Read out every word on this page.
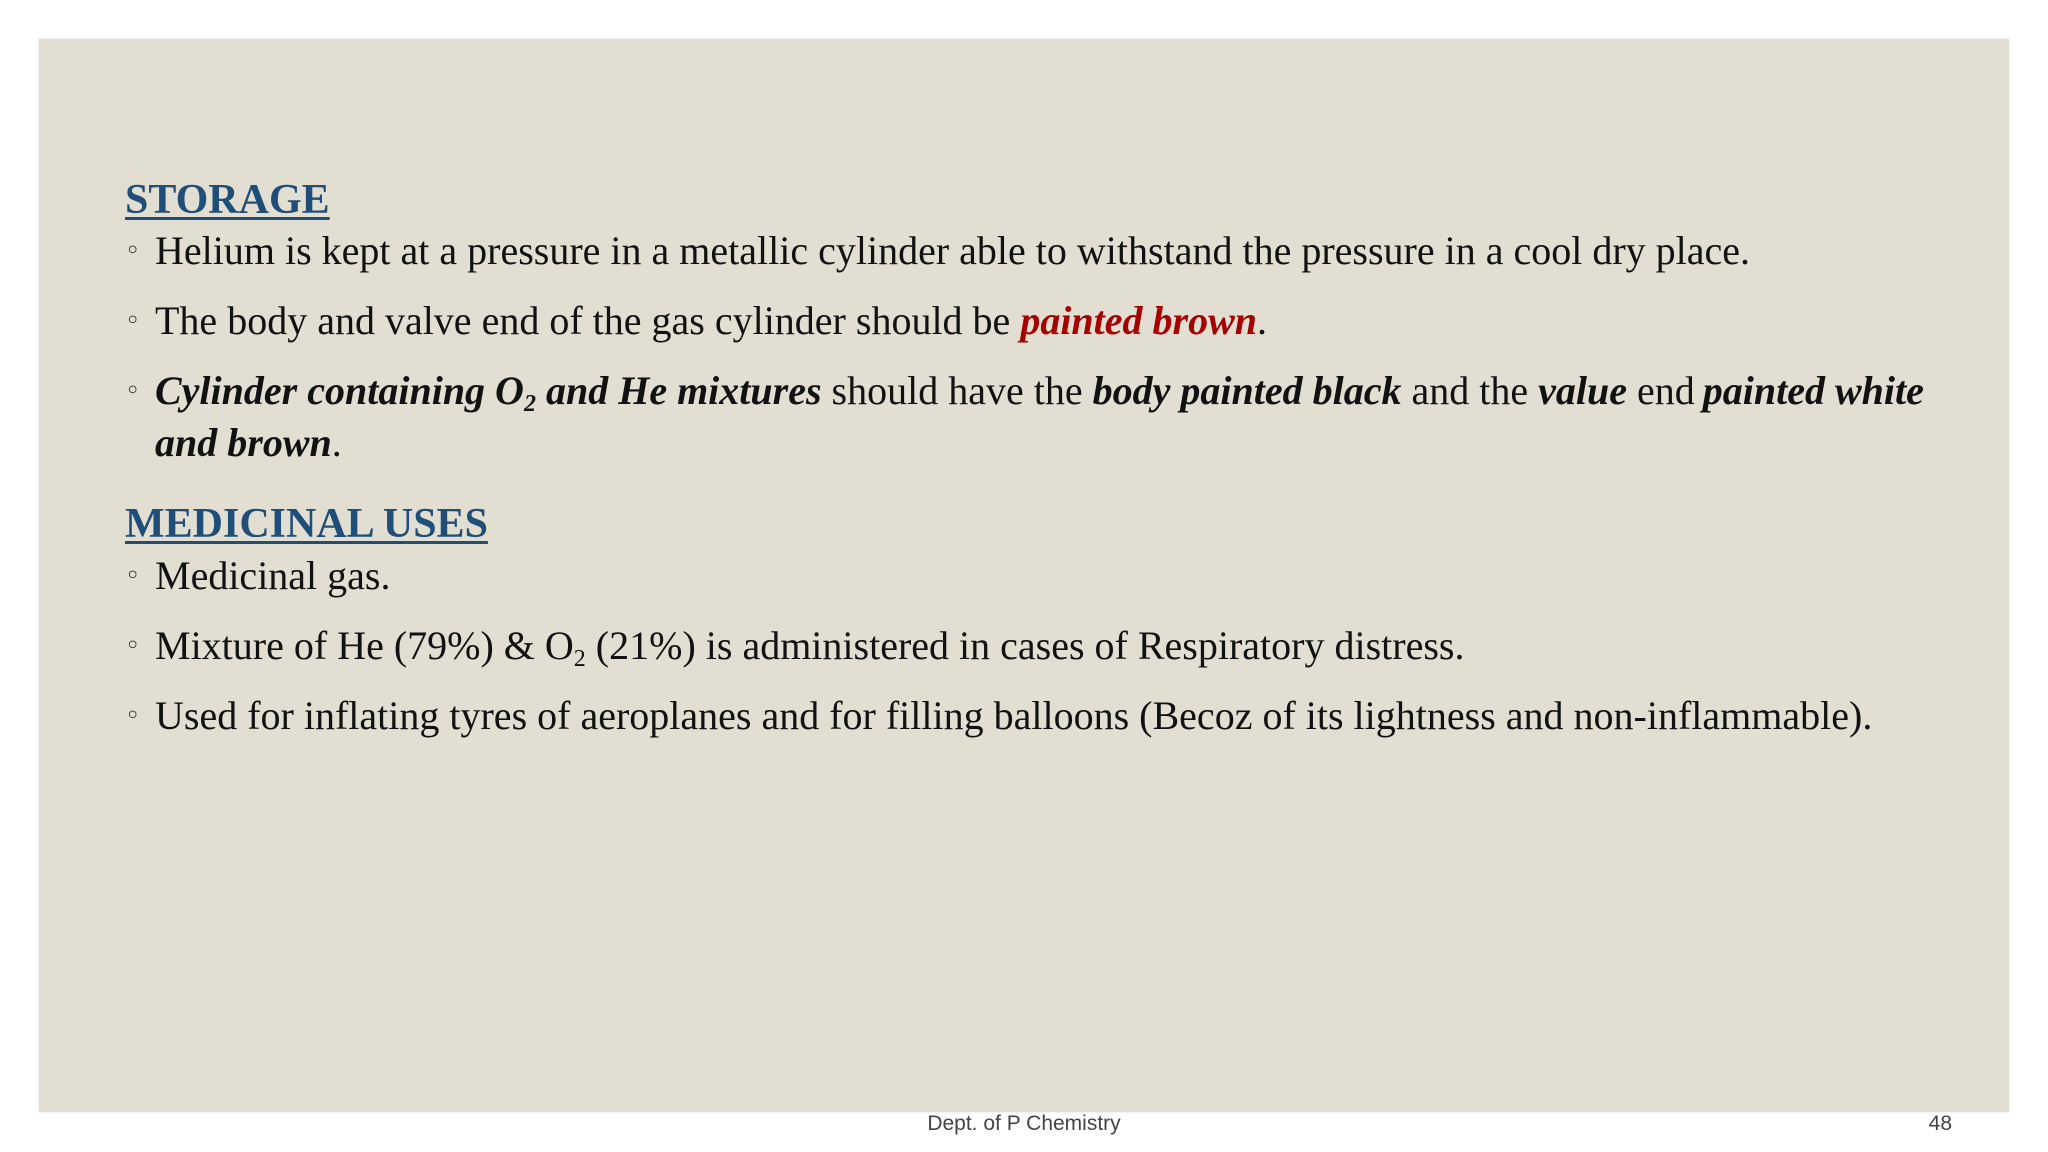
STORAGE
◦ Helium is kept at a pressure in a metallic cylinder able to withstand the pressure in a cool dry place.
◦ The body and valve end of the gas cylinder should be painted brown.
◦ Cylinder containing $O_2$ and He mixtures should have the body painted black and the value end painted white and brown.
MEDICINAL USES
◦ Medicinal gas.
◦ Mixture of He (79%) & $O_2$ (21%) is administered in cases of Respiratory distress.
◦ Used for inflating tyres of aeroplanes and for filling balloons (Becoz of its lightness and non-inflammable).
Dept. of P Chemistry	48
